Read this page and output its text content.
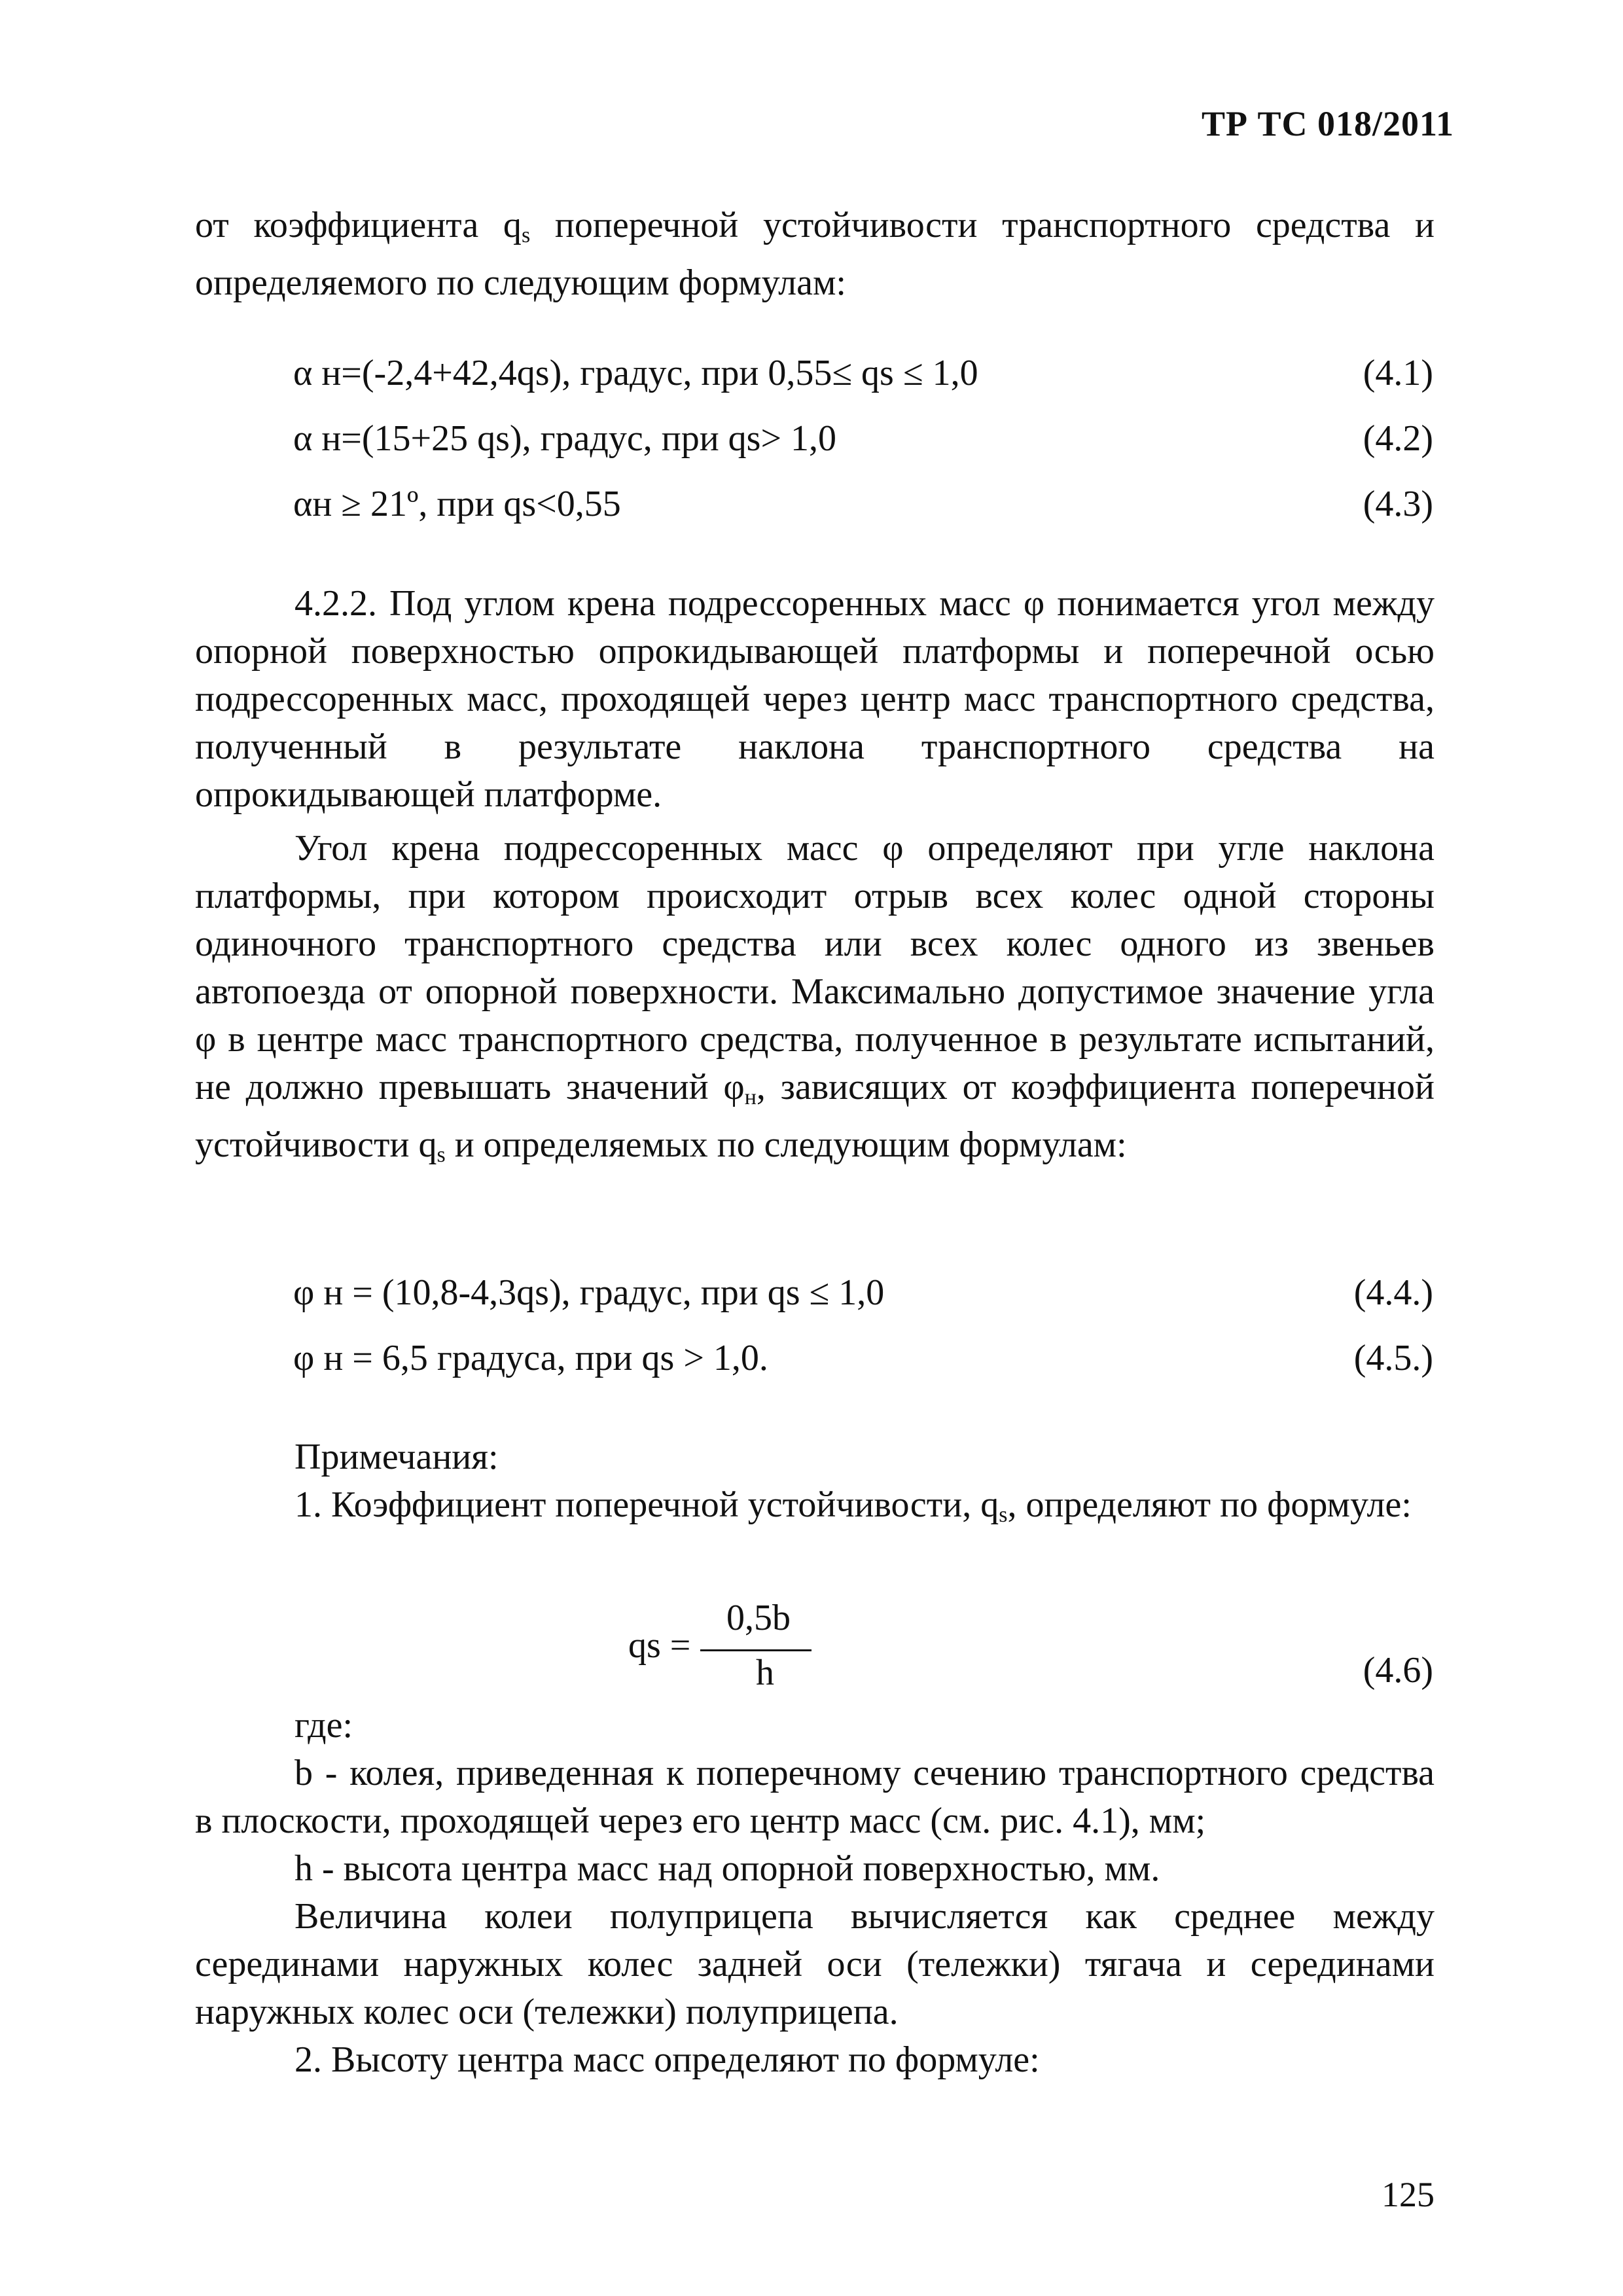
ТР ТС 018/2011
от коэффициента $q_s$ поперечной устойчивости транспортного средства и определяемого по следующим формулам:
α н=(-2,4+42,4qs), градус, при 0,55≤ qs ≤ 1,0	(4.1)
α н=(15+25 qs), градус, при qs> 1,0	(4.2)
αн ≥ 21º, при qs<0,55	(4.3)
4.2.2. Под углом крена подрессоренных масс φ понимается угол между опорной поверхностью опрокидывающей платформы и поперечной осью подрессоренных масс, проходящей через центр масс транспортного средства, полученный в результате наклона транспортного средства на опрокидывающей платформе.
Угол крена подрессоренных масс φ определяют при угле наклона платформы, при котором происходит отрыв всех колес одной стороны одиночного транспортного средства или всех колес одного из звеньев автопоезда от опорной поверхности. Максимально допустимое значение угла φ в центре масс транспортного средства, полученное в результате испытаний, не должно превышать значений $\varphi_н$, зависящих от коэффициента поперечной устойчивости $q_s$ и определяемых по следующим формулам:
φ н = (10,8-4,3qs), градус, при qs ≤ 1,0	(4.4.)
φ н = 6,5 градуса, при qs > 1,0.	(4.5.)
Примечания:
1. Коэффициент поперечной устойчивости, $q_s$, определяют по формуле:
qs =
0,5b
h	(4.6)
где:
b - колея, приведенная к поперечному сечению транспортного средства в плоскости, проходящей через его центр масс (см. рис. 4.1), мм;
h - высота центра масс над опорной поверхностью, мм.
Величина колеи полуприцепа вычисляется как среднее между серединами наружных колес задней оси (тележки) тягача и серединами наружных колес оси (тележки) полуприцепа.
2. Высоту центра масс определяют по формуле:
125
